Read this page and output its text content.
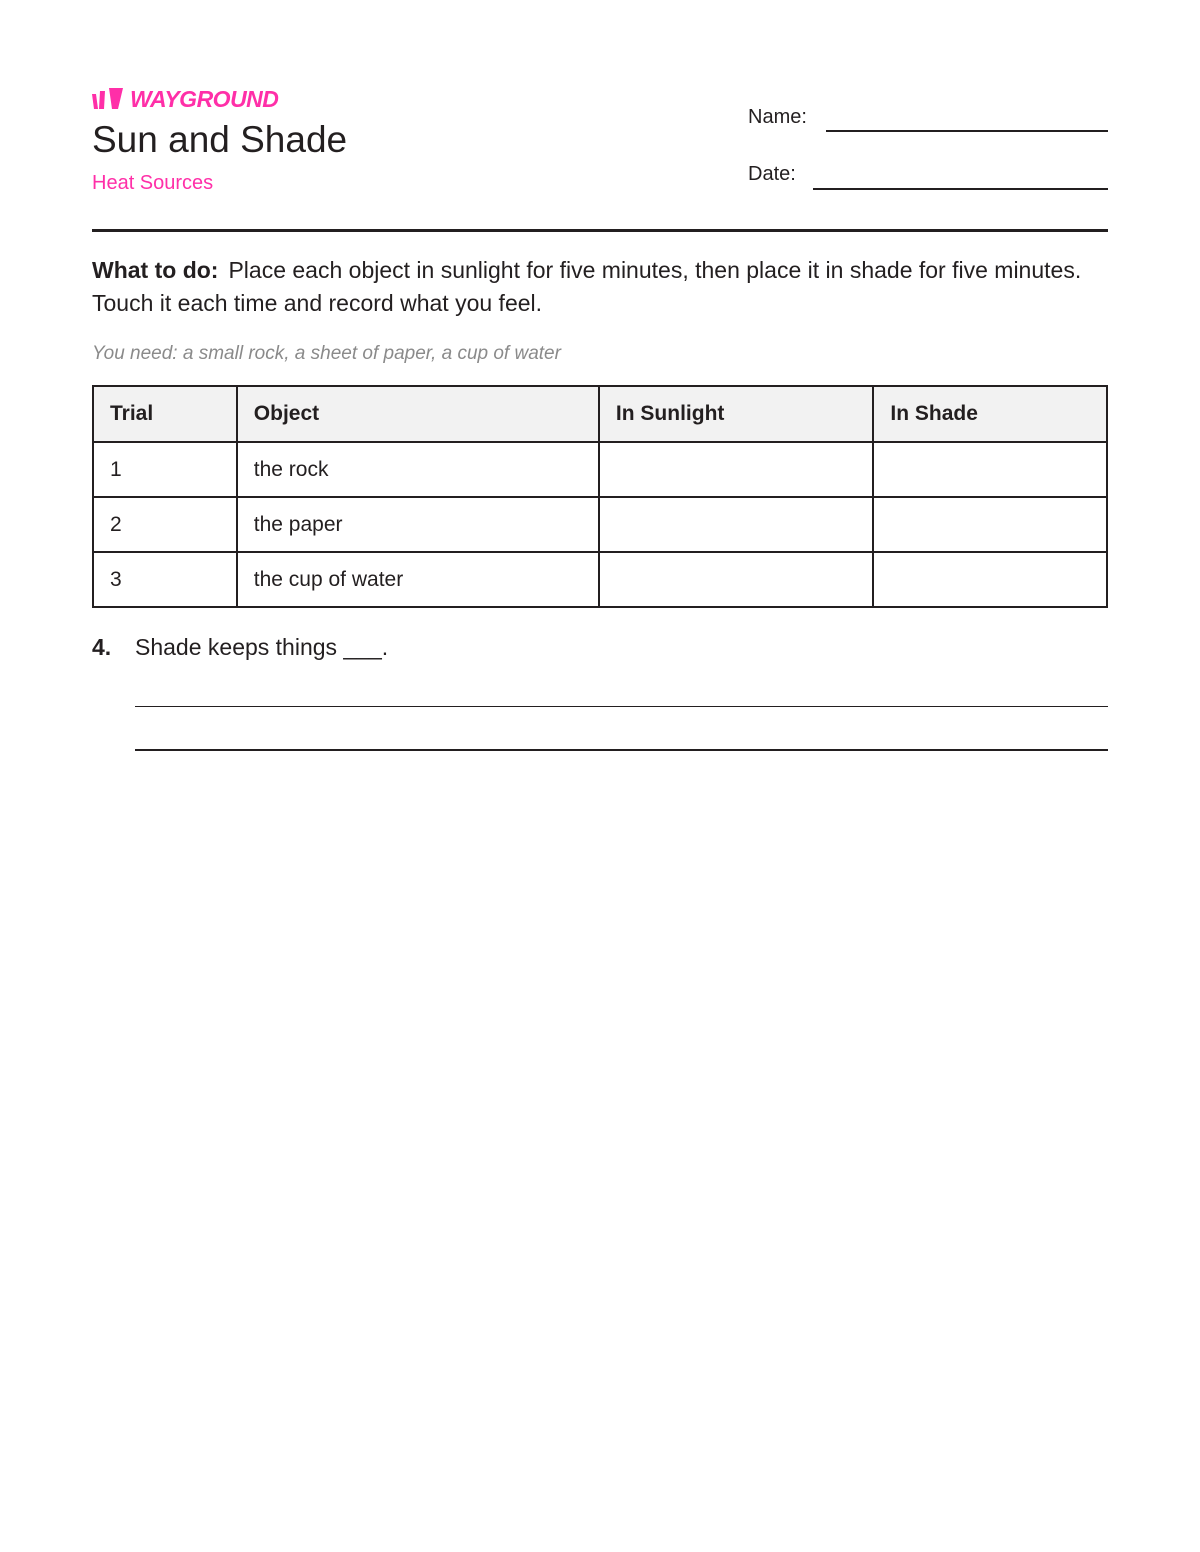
WAYGROUND
Sun and Shade
Heat Sources
Name:
Date:
What to do: Place each object in sunlight for five minutes, then place it in shade for five minutes. Touch it each time and record what you feel.
You need: a small rock, a sheet of paper, a cup of water
Trial	Object	In Sunlight	In Shade
1	the rock		
2	the paper		
3	the cup of water		
4. Shade keeps things ___.
